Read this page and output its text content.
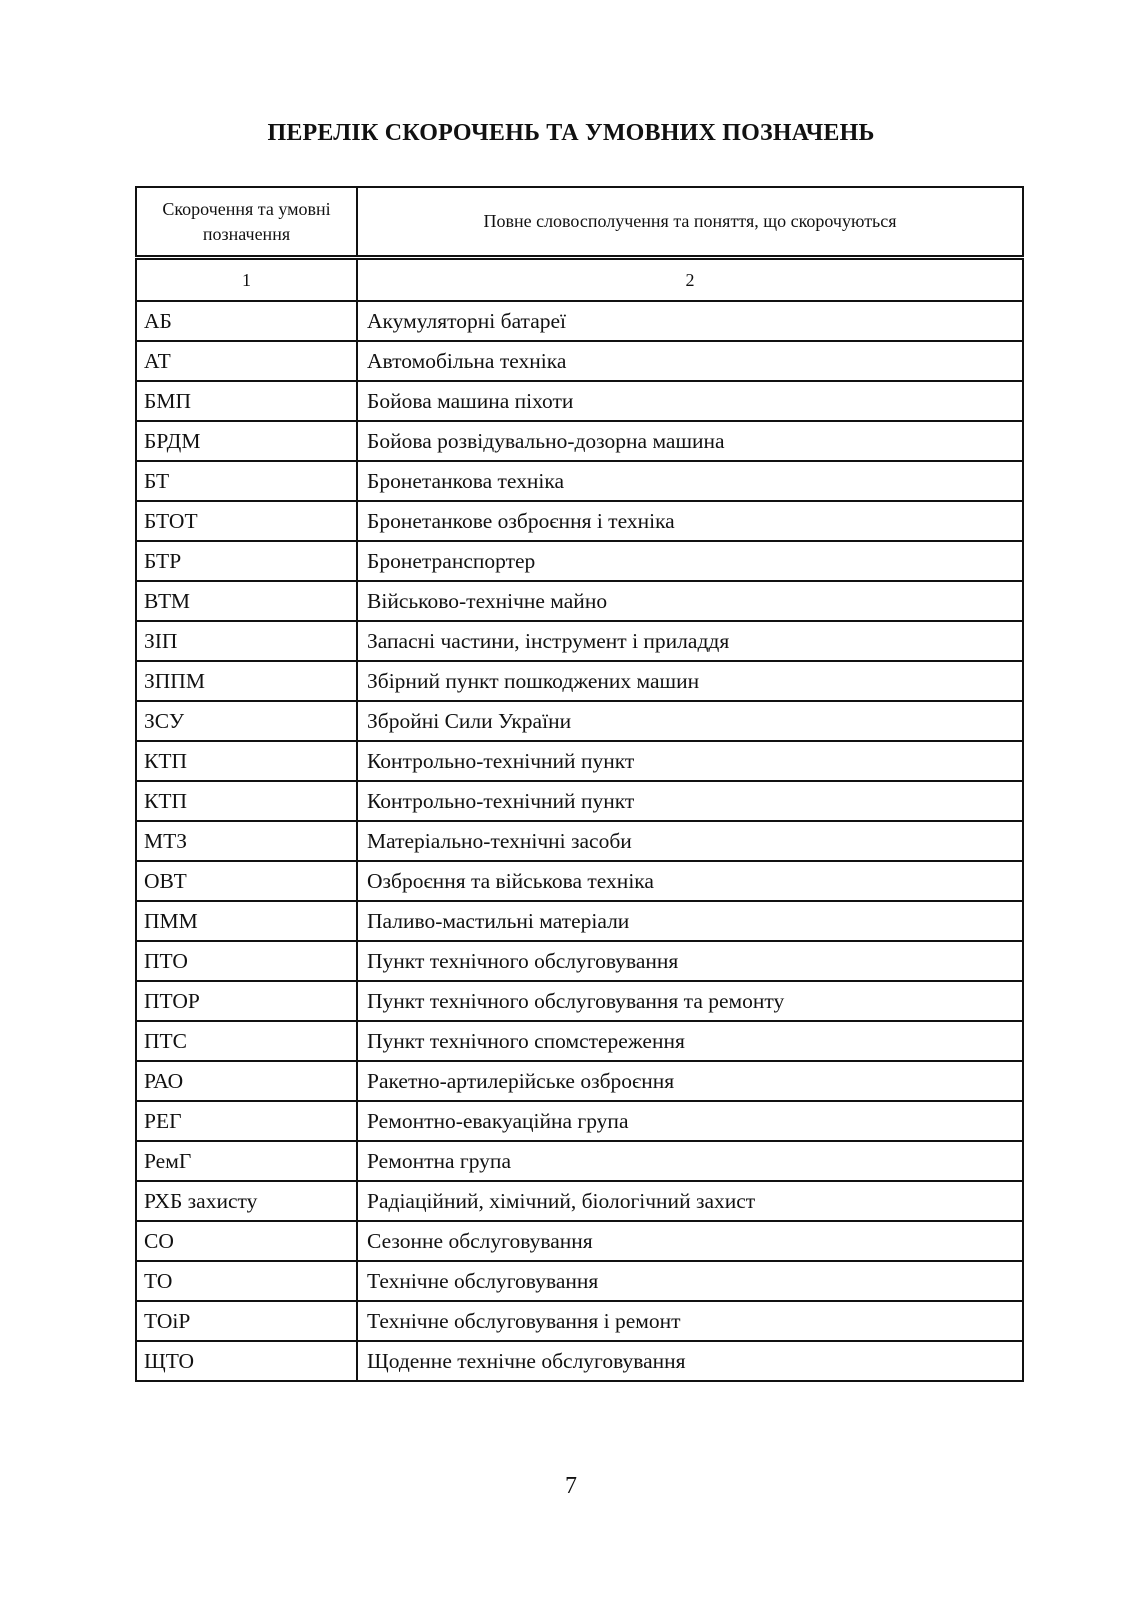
ПЕРЕЛІК СКОРОЧЕНЬ ТА УМОВНИХ ПОЗНАЧЕНЬ
Скорочення та умовні позначення	Повне словосполучення та поняття, що скорочуються

1	2
АБ	Акумуляторні батареї
АТ	Автомобільна техніка
БМП	Бойова машина піхоти
БРДМ	Бойова розвідувально-дозорна машина
БТ	Бронетанкова техніка
БТОТ	Бронетанкове озброєння і техніка
БТР	Бронетранспортер
ВТМ	Військово-технічне майно
ЗІП	Запасні частини, інструмент і приладдя
ЗППМ	Збірний пункт пошкоджених машин
ЗСУ	Збройні Сили України
КТП	Контрольно-технічний пункт
КТП	Контрольно-технічний пункт
МТЗ	Матеріально-технічні засоби
ОВТ	Озброєння та військова техніка
ПММ	Паливо-мастильні матеріали
ПТО	Пункт технічного обслуговування
ПТОР	Пункт технічного обслуговування та ремонту
ПТС	Пункт технічного спомстереження
РАО	Ракетно-артилерійське озброєння
РЕГ	Ремонтно-евакуаційна група
РемГ	Ремонтна група
РХБ захисту	Радіаційний, хімічний, біологічний захист
СО	Сезонне обслуговування
ТО	Технічне обслуговування
ТОіР	Технічне обслуговування і ремонт
ЩТО	Щоденне технічне обслуговування
7
